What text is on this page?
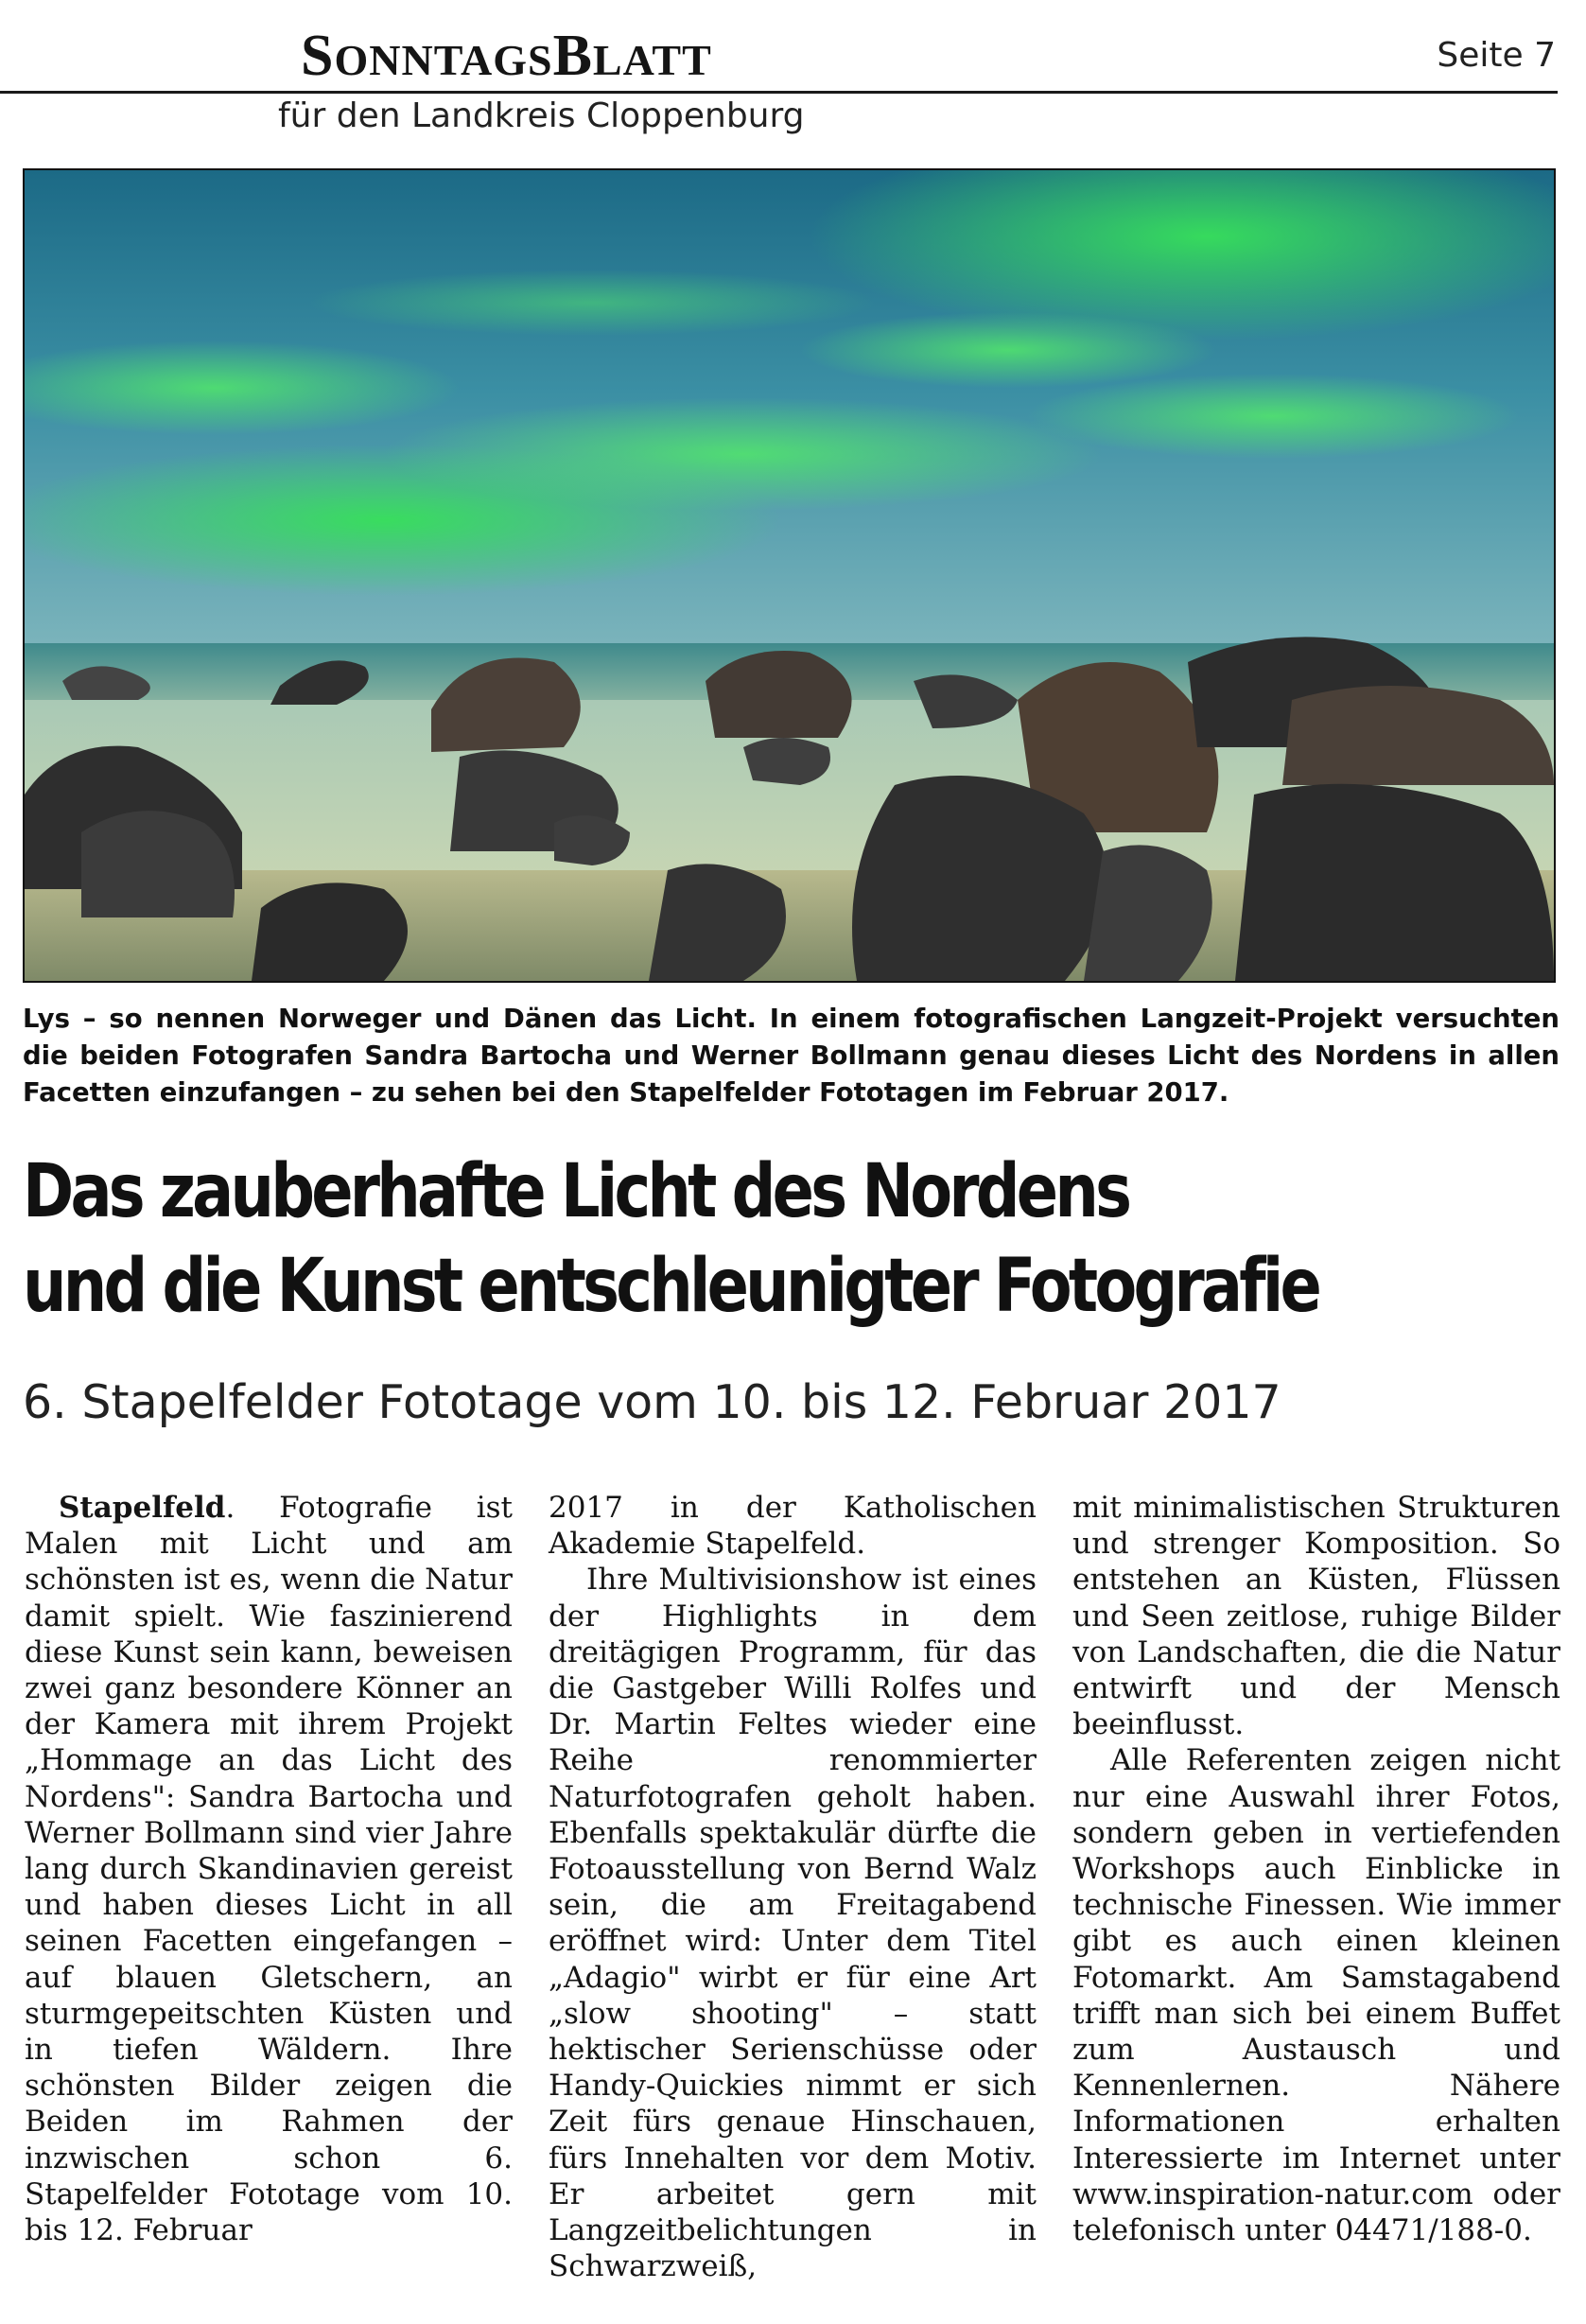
SONNTAGSBLATT	Seite 7
für den Landkreis Cloppenburg
Lys – so nennen Norweger und Dänen das Licht. In einem fotografischen Langzeit-Projekt versuchten die beiden Fotografen Sandra Bartocha und Werner Bollmann genau dieses Licht des Nordens in allen Facetten einzufangen – zu sehen bei den Stapelfelder Fototagen im Februar 2017.
Das zauberhafte Licht des Nordens
und die Kunst entschleunigter Fotografie
6. Stapelfelder Fototage vom 10. bis 12. Februar 2017

Stapelfeld. Fotografie ist Malen mit Licht und am schönsten ist es, wenn die Natur damit spielt. Wie faszinierend diese Kunst sein kann, beweisen zwei ganz besondere Könner an der Kamera mit ihrem Projekt „Hommage an das Licht des Nordens": Sandra Bartocha und Werner Bollmann sind vier Jahre lang durch Skandinavien gereist und haben dieses Licht in all seinen Facetten eingefangen – auf blauen Gletschern, an sturmgepeitschten Küsten und in tiefen Wäldern. Ihre schönsten Bilder zeigen die Beiden im Rahmen der inzwischen schon 6. Stapelfelder Fototage vom 10. bis 12. Februar

2017 in der Katholischen Akademie Stapelfeld.

Ihre Multivisionshow ist eines der Highlights in dem dreitägigen Programm, für das die Gastgeber Willi Rolfes und Dr. Martin Feltes wieder eine Reihe renommierter Naturfotografen geholt haben. Ebenfalls spektakulär dürfte die Fotoausstellung von Bernd Walz sein, die am Freitagabend eröffnet wird: Unter dem Titel „Adagio" wirbt er für eine Art „slow shooting" – statt hektischer Serienschüsse oder Handy-Quickies nimmt er sich Zeit fürs genaue Hinschauen, fürs Innehalten vor dem Motiv. Er arbeitet gern mit Langzeitbelichtungen in Schwarzweiß,

mit minimalistischen Strukturen und strenger Komposition. So entstehen an Küsten, Flüssen und Seen zeitlose, ruhige Bilder von Landschaften, die die Natur entwirft und der Mensch beeinflusst.

Alle Referenten zeigen nicht nur eine Auswahl ihrer Fotos, sondern geben in vertiefenden Workshops auch Einblicke in technische Finessen. Wie immer gibt es auch einen kleinen Fotomarkt. Am Samstagabend trifft man sich bei einem Buffet zum Austausch und Kennenlernen. Nähere Informationen erhalten Interessierte im Internet unter www.inspiration-natur.com oder telefonisch unter 04471/188-0.
